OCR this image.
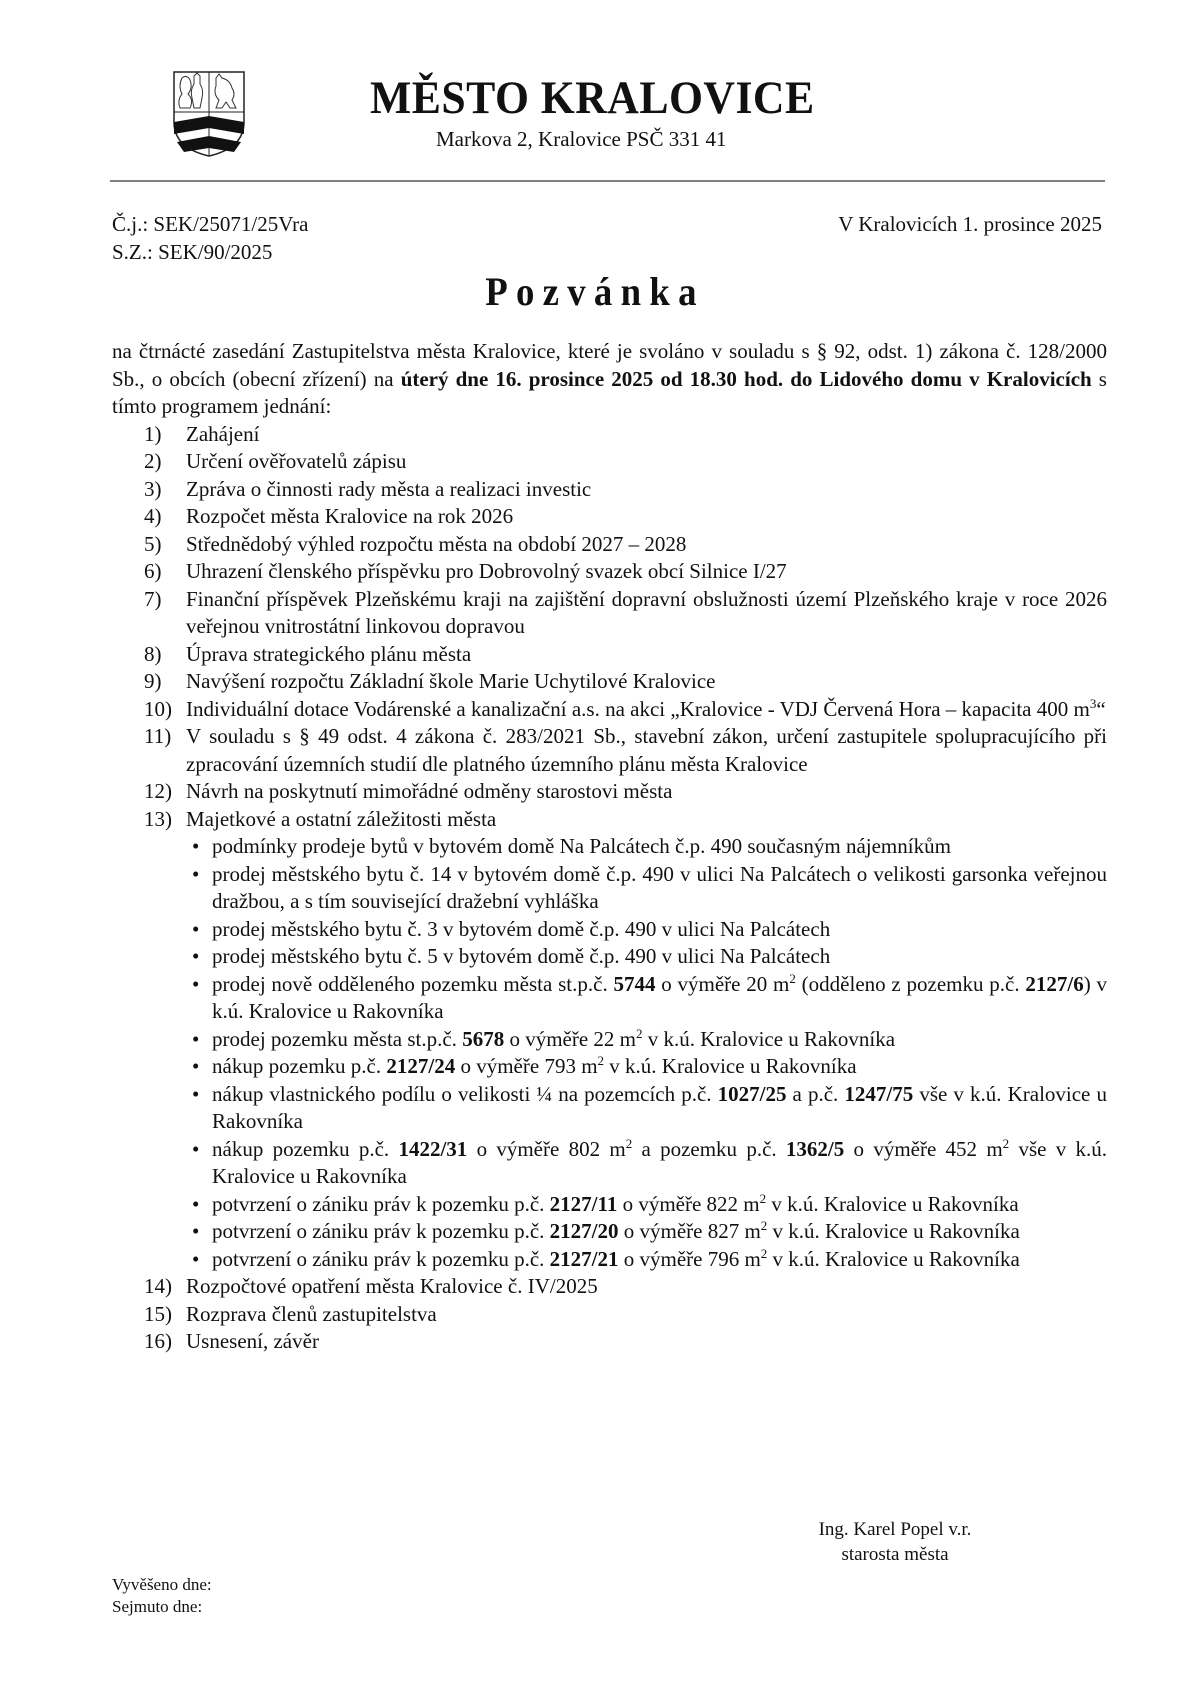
MĚSTO KRALOVICE
Markova 2, Kralovice PSČ 331 41
Č.j.: SEK/25071/25Vra
S.Z.: SEK/90/2025
V Kralovicích 1. prosince 2025
Pozvánka
na čtrnácté zasedání Zastupitelstva města Kralovice, které je svoláno v souladu s § 92, odst. 1) zákona č. 128/2000 Sb., o obcích (obecní zřízení) na úterý dne 16. prosince 2025 od 18.30 hod. do Lidového domu v Kralovicích s tímto programem jednání:
1) Zahájení
2) Určení ověřovatelů zápisu
3) Zpráva o činnosti rady města a realizaci investic
4) Rozpočet města Kralovice na rok 2026
5) Střednědobý výhled rozpočtu města na období 2027 – 2028
6) Uhrazení členského příspěvku pro Dobrovolný svazek obcí Silnice I/27
7) Finanční příspěvek Plzeňskému kraji na zajištění dopravní obslužnosti území Plzeňského kraje v roce 2026 veřejnou vnitrostátní linkovou dopravou
8) Úprava strategického plánu města
9) Navýšení rozpočtu Základní škole Marie Uchytilové Kralovice
10) Individuální dotace Vodárenské a kanalizační a.s. na akci „Kralovice - VDJ Červená Hora – kapacita 400 $m^3“$
11) V souladu s § 49 odst. 4 zákona č. 283/2021 Sb., stavební zákon, určení zastupitele spolupracujícího při zpracování územních studií dle platného územního plánu města Kralovice
12) Návrh na poskytnutí mimořádné odměny starostovi města
13) Majetkové a ostatní záležitosti města
• podmínky prodeje bytů v bytovém domě Na Palcátech č.p. 490 současným nájemníkům
• prodej městského bytu č. 14 v bytovém domě č.p. 490 v ulici Na Palcátech o velikosti garsonka veřejnou dražbou, a s tím související dražební vyhláška
• prodej městského bytu č. 3 v bytovém domě č.p. 490 v ulici Na Palcátech
• prodej městského bytu č. 5 v bytovém domě č.p. 490 v ulici Na Palcátech
• prodej nově odděleného pozemku města st.p.č. 5744 o výměře 20 $m^2$ (odděleno z pozemku p.č. 2127/6) v k.ú. Kralovice u Rakovníka
• prodej pozemku města st.p.č. 5678 o výměře 22 $m^2$ v k.ú. Kralovice u Rakovníka
• nákup pozemku p.č. 2127/24 o výměře 793 $m^2$ v k.ú. Kralovice u Rakovníka
• nákup vlastnického podílu o velikosti ¼ na pozemcích p.č. 1027/25 a p.č. 1247/75 vše v k.ú. Kralovice u Rakovníka
• nákup pozemku p.č. 1422/31 o výměře 802 $m^2$ a pozemku p.č. 1362/5 o výměře 452 $m^2$ vše v k.ú. Kralovice u Rakovníka
• potvrzení o zániku práv k pozemku p.č. 2127/11 o výměře 822 $m^2$ v k.ú. Kralovice u Rakovníka
• potvrzení o zániku práv k pozemku p.č. 2127/20 o výměře 827 $m^2$ v k.ú. Kralovice u Rakovníka
• potvrzení o zániku práv k pozemku p.č. 2127/21 o výměře 796 $m^2$ v k.ú. Kralovice u Rakovníka
14) Rozpočtové opatření města Kralovice č. IV/2025
15) Rozprava členů zastupitelstva
16) Usnesení, závěr
Ing. Karel Popel v.r.
starosta města
Vyvěšeno dne:
Sejmuto dne:
